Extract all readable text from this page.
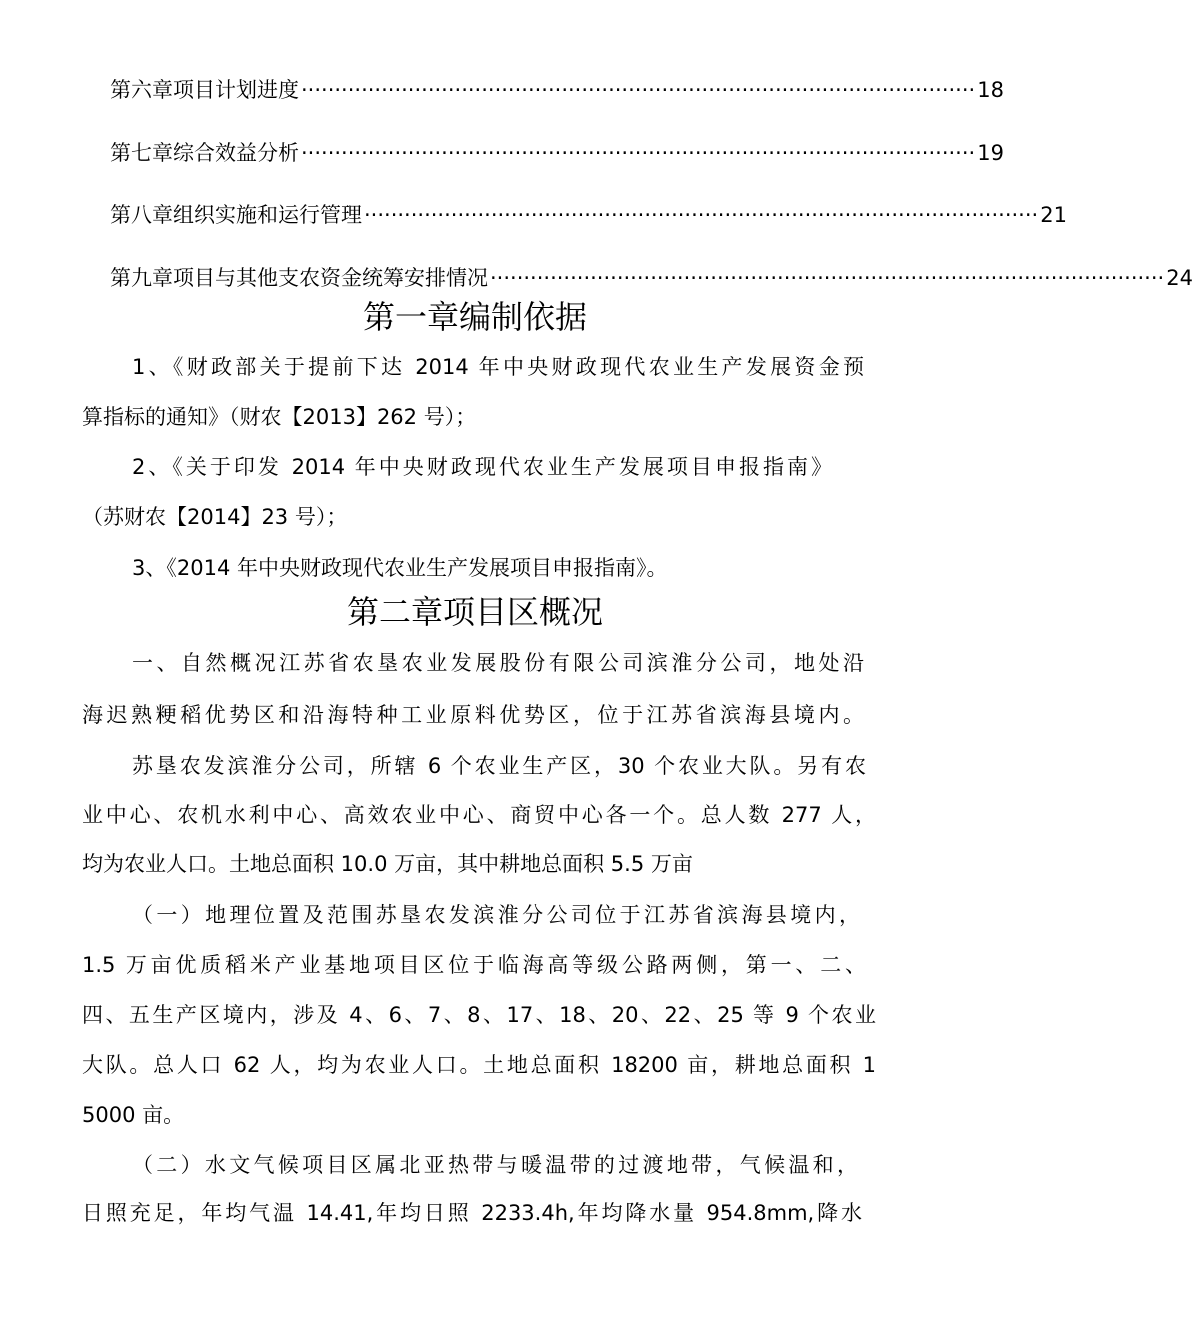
第六章项目计划进度 ····································································································· 18
第七章综合效益分析 ····································································································· 19
第八章组织实施和运行管理 ····································································································· 21
第九章项目与其他支农资金统筹安排情况 ····································································································· 24
第一章编制依据
1、《财政部关于提前下达 2014 年中央财政现代农业生产发展资金预
算指标的通知》（财农【2013】262 号）；
2、《关于印发 2014 年中央财政现代农业生产发展项目申报指南》
（苏财农【2014】23 号）；
3、《2014 年中央财政现代农业生产发展项目申报指南》。
第二章项目区概况
一、自然概况江苏省农垦农业发展股份有限公司滨淮分公司，地处沿
海迟熟粳稻优势区和沿海特种工业原料优势区，位于江苏省滨海县境内。
苏垦农发滨淮分公司，所辖 6 个农业生产区，30 个农业大队。另有农
业中心、农机水利中心、高效农业中心、商贸中心各一个。总人数 277 人，
均为农业人口。土地总面积 10.0 万亩，其中耕地总面积 5.5 万亩
（一）地理位置及范围苏垦农发滨淮分公司位于江苏省滨海县境内，
1.5 万亩优质稻米产业基地项目区位于临海高等级公路两侧，第一、二、
四、五生产区境内，涉及 4、6、7、8、17、18、20、22、25 等 9 个农业
大队。总人口 62 人，均为农业人口。土地总面积 18200 亩，耕地总面积 1
5000 亩。
（二）水文气候项目区属北亚热带与暖温带的过渡地带，气候温和，
日照充足，年均气温 14.41,年均日照 2233.4h,年均降水量 954.8mm,降水
